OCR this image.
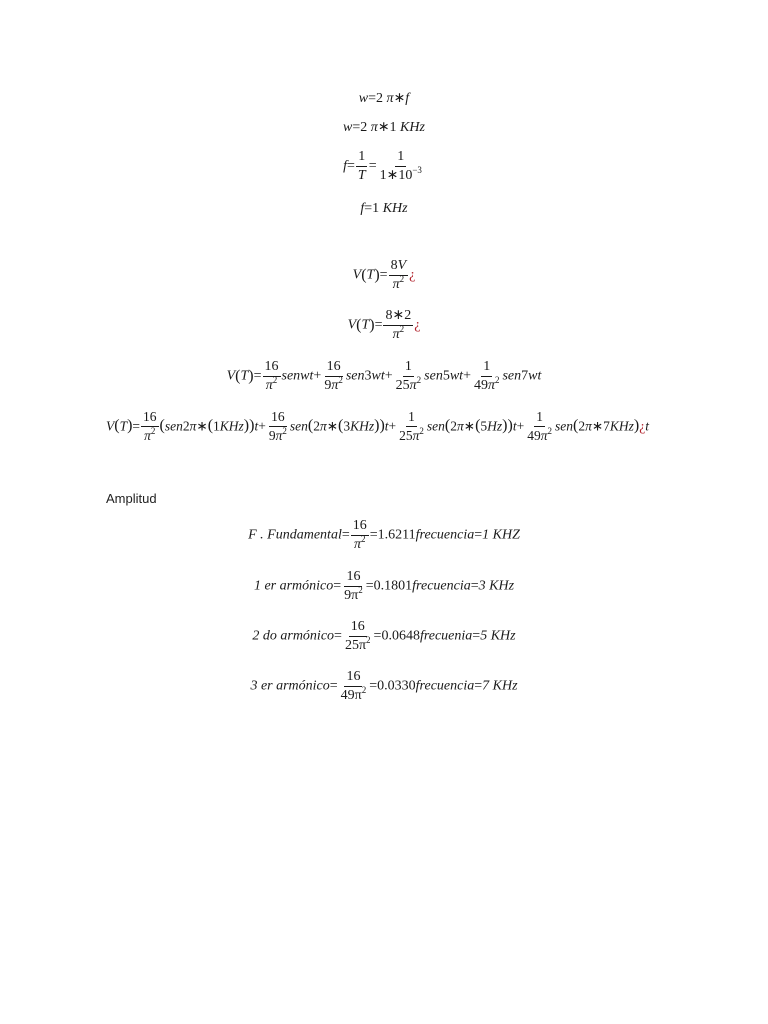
w=2 π∗f
w=2 π∗1 KHz
$f= \frac{1}{T} = \frac{1}{1∗10^{-3}}$
f=1 KHz
$V(T)= \frac{8V}{\pi^2}$ ¿
$V(T)= \frac{8∗2}{\pi^2}$ ¿
$V(T)= \frac{16}{\pi^2}$ senwt+ $\frac{16}{9\pi^2} sen3wt+ \frac{1}{25\pi^2} sen5wt+ \frac{1}{49\pi^2} sen7wt$
$V(T)= \frac{16}{\pi^2}$ (sen2π∗(1KHz))t+ $\frac{16}{9\pi^2}$ sen(2π∗(3KHz))t+ $\frac{1}{25\pi^2}$ sen(2π∗(5Hz))t+ $\frac{1}{49\pi^2}$ sen(2π∗7KHz)¿t
Amplitud
F . Fundamental= $\frac{16}{\pi^2}$ =1.6211frecuencia=1 KHZ
1 er armónico= $\frac{16}{9\pi^2}$ =0.1801frecuencia=3 KHz
2 do armónico= $\frac{16}{25\pi^2}$ =0.0648frecuenia=5 KHz
3 er armónico= $\frac{16}{49\pi^2}$ =0.0330frecuencia=7 KHz
